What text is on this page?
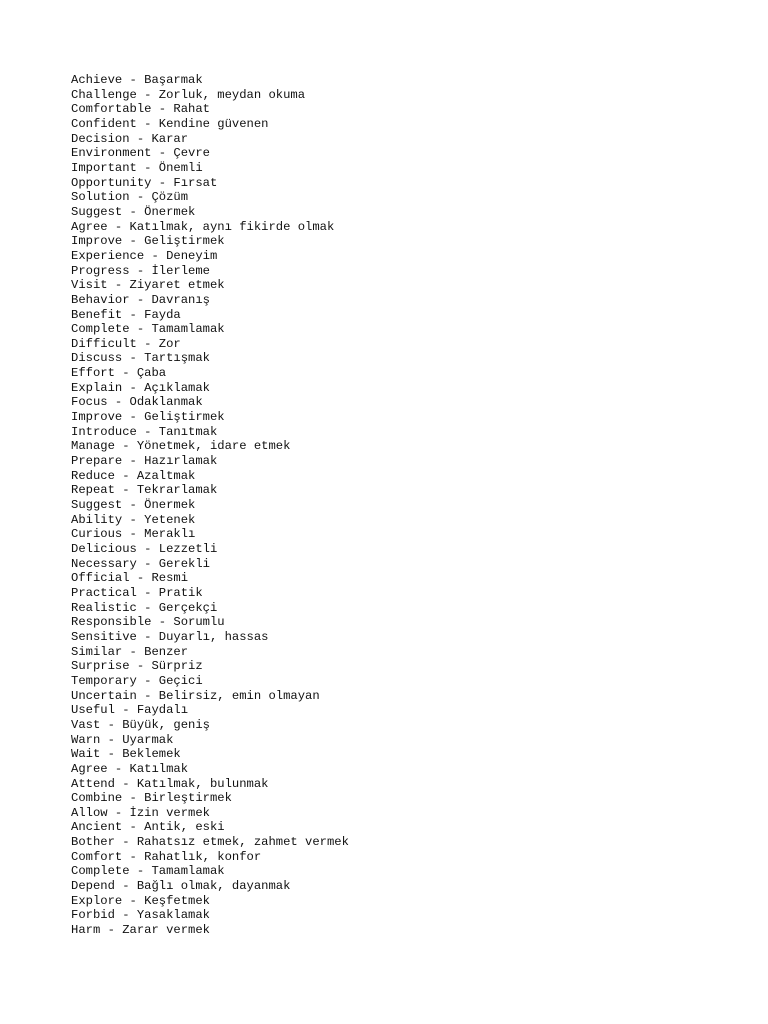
Achieve - Başarmak
Challenge - Zorluk, meydan okuma
Comfortable - Rahat
Confident - Kendine güvenen
Decision - Karar
Environment - Çevre
Important - Önemli
Opportunity - Fırsat
Solution - Çözüm
Suggest - Önermek
Agree - Katılmak, aynı fikirde olmak
Improve - Geliştirmek
Experience - Deneyim
Progress - İlerleme
Visit - Ziyaret etmek
Behavior - Davranış
Benefit - Fayda
Complete - Tamamlamak
Difficult - Zor
Discuss - Tartışmak
Effort - Çaba
Explain - Açıklamak
Focus - Odaklanmak
Improve - Geliştirmek
Introduce - Tanıtmak
Manage - Yönetmek, idare etmek
Prepare - Hazırlamak
Reduce - Azaltmak
Repeat - Tekrarlamak
Suggest - Önermek
Ability - Yetenek
Curious - Meraklı
Delicious - Lezzetli
Necessary - Gerekli
Official - Resmi
Practical - Pratik
Realistic - Gerçekçi
Responsible - Sorumlu
Sensitive - Duyarlı, hassas
Similar - Benzer
Surprise - Sürpriz
Temporary - Geçici
Uncertain - Belirsiz, emin olmayan
Useful - Faydalı
Vast - Büyük, geniş
Warn - Uyarmak
Wait - Beklemek
Agree - Katılmak
Attend - Katılmak, bulunmak
Combine - Birleştirmek
Allow - İzin vermek
Ancient - Antik, eski
Bother - Rahatsız etmek, zahmet vermek
Comfort - Rahatlık, konfor
Complete - Tamamlamak
Depend - Bağlı olmak, dayanmak
Explore - Keşfetmek
Forbid - Yasaklamak
Harm - Zarar vermek
